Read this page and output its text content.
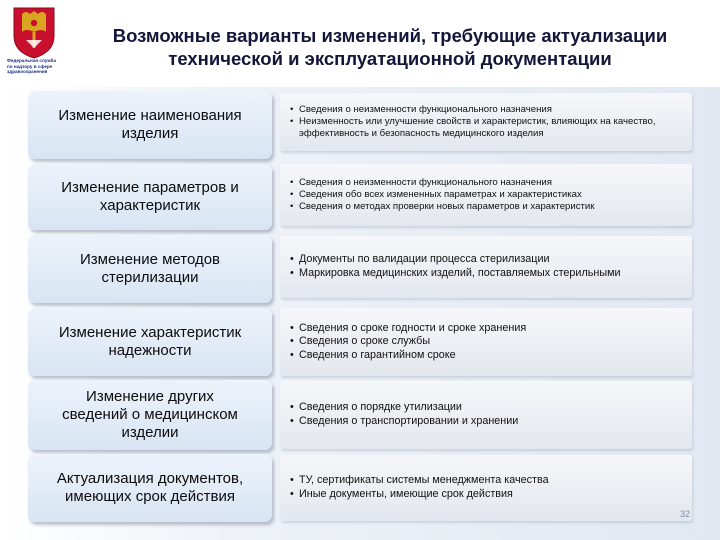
Федеральная служба
по надзору в сфере
здравоохранения
Возможные варианты изменений, требующие актуализации
технической и эксплуатационной документации
Изменение наименования
изделия
• Сведения о неизменности функционального назначения
• Неизменность или улучшение свойств и характеристик, влияющих на качество, эффективность и безопасность медицинского изделия
Изменение параметров и
характеристик
• Сведения о неизменности функционального назначения
• Сведения обо всех измененных параметрах и характеристиках
• Сведения о методах проверки новых параметров и характеристик
Изменение методов
стерилизации
• Документы по валидации процесса стерилизации
• Маркировка медицинских изделий, поставляемых стерильными
Изменение характеристик
надежности
• Сведения о сроке годности и сроке хранения
• Сведения о сроке службы
• Сведения о гарантийном сроке
Изменение других
сведений о медицинском
изделии
• Сведения о порядке утилизации
• Сведения о транспортировании и хранении
Актуализация документов,
имеющих срок действия
• ТУ, сертификаты системы менеджмента качества
• Иные документы, имеющие срок действия
32
